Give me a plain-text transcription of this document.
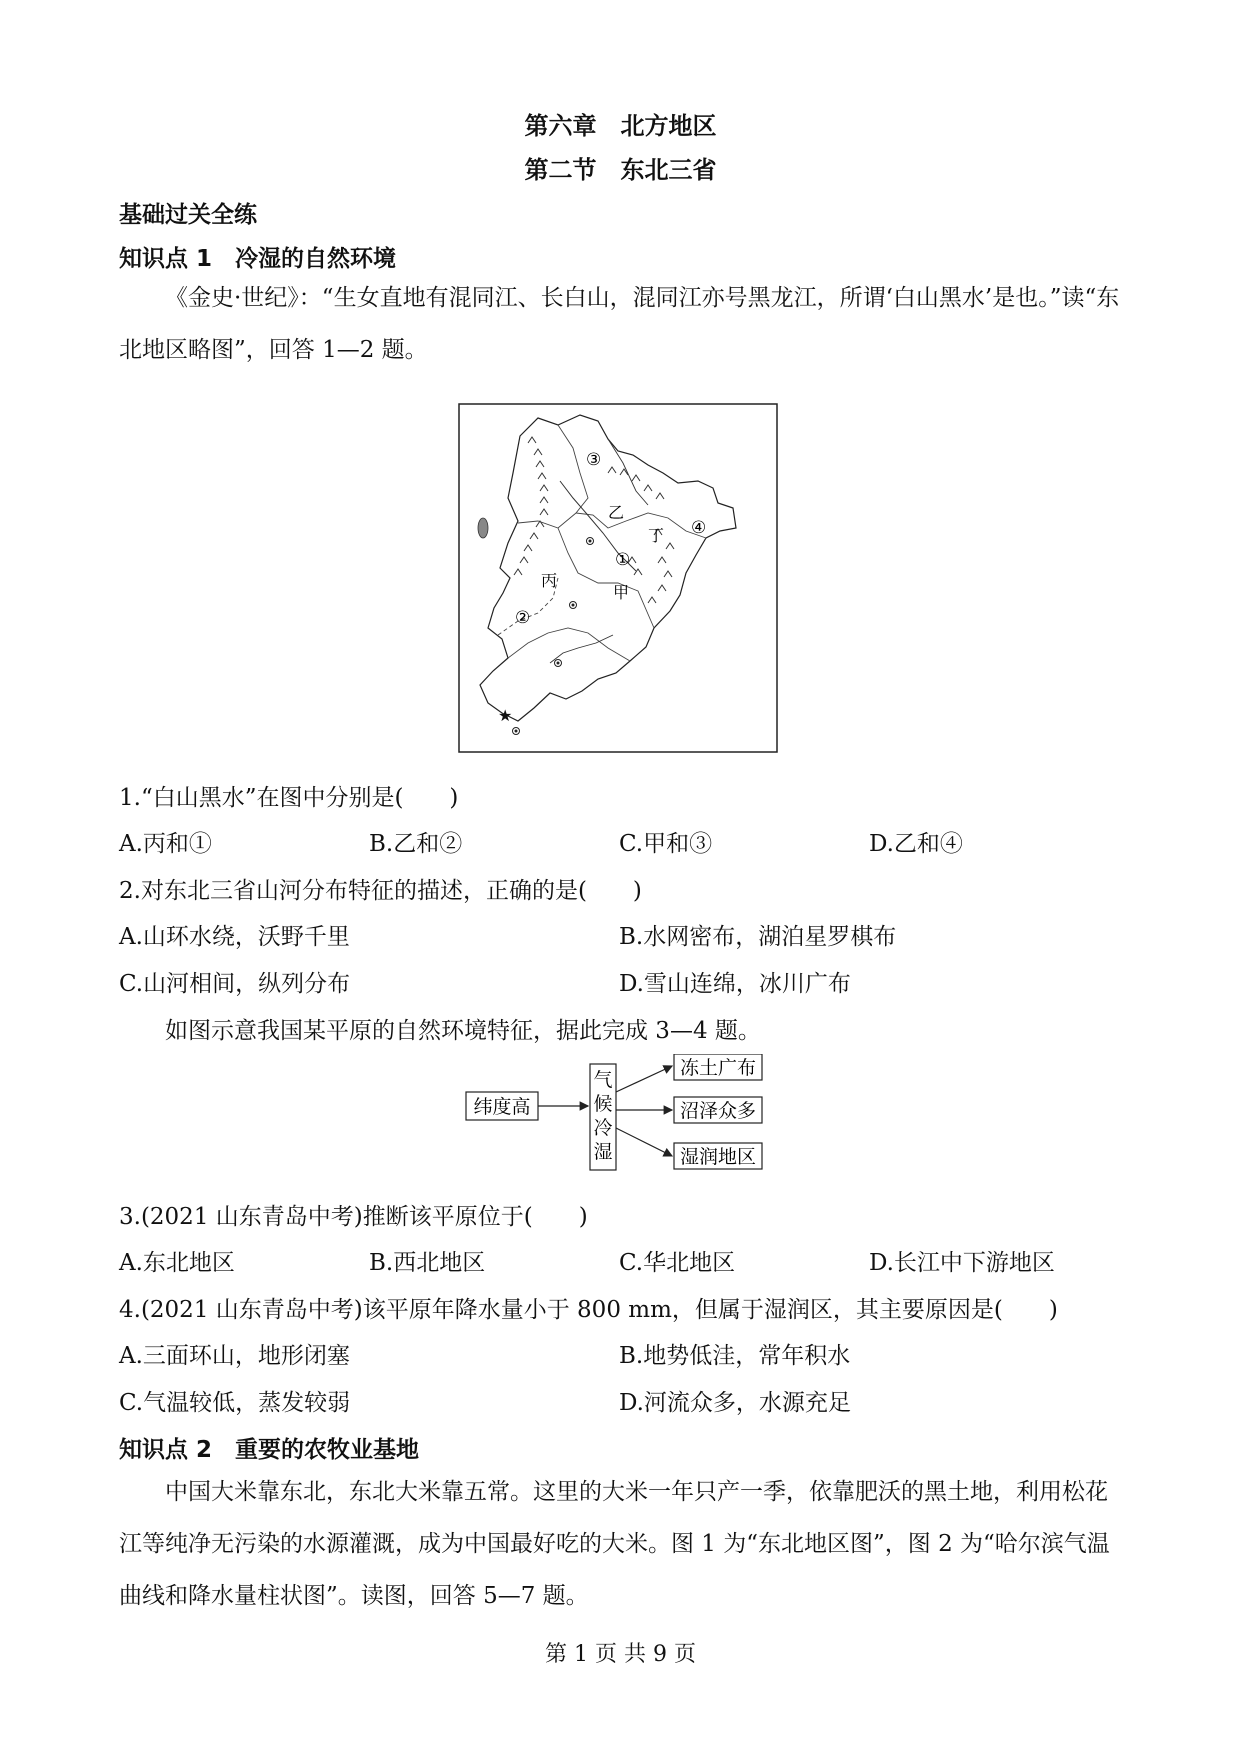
第六章　北方地区
第二节　东北三省
基础过关全练
知识点 1　冷湿的自然环境
《金史·世纪》：“生女直地有混同江、长白山，混同江亦号黑龙江，所谓‘白山黑水’是也。”读“东北地区略图”，回答 1—2 题。
★
③
④
①
②
乙
丁
甲
丙
1.“白山黑水”在图中分别是(　　)
A.丙和①	B.乙和②	C.甲和③	D.乙和④
2.对东北三省山河分布特征的描述，正确的是(　　)
A.山环水绕，沃野千里	B.水网密布，湖泊星罗棋布
C.山河相间，纵列分布	D.雪山连绵，冰川广布
如图示意我国某平原的自然环境特征，据此完成 3—4 题。
纬度高
气
候
冷
湿
冻土广布
沼泽众多
湿润地区
3.(2021 山东青岛中考)推断该平原位于(　　)
A.东北地区	B.西北地区	C.华北地区	D.长江中下游地区
4.(2021 山东青岛中考)该平原年降水量小于 800 mm，但属于湿润区，其主要原因是(　　)
A.三面环山，地形闭塞	B.地势低洼，常年积水
C.气温较低，蒸发较弱	D.河流众多，水源充足
知识点 2　重要的农牧业基地
中国大米靠东北，东北大米靠五常。这里的大米一年只产一季，依靠肥沃的黑土地，利用松花江等纯净无污染的水源灌溉，成为中国最好吃的大米。图 1 为“东北地区图”，图 2 为“哈尔滨气温曲线和降水量柱状图”。读图，回答 5—7 题。
第 1 页 共 9 页
